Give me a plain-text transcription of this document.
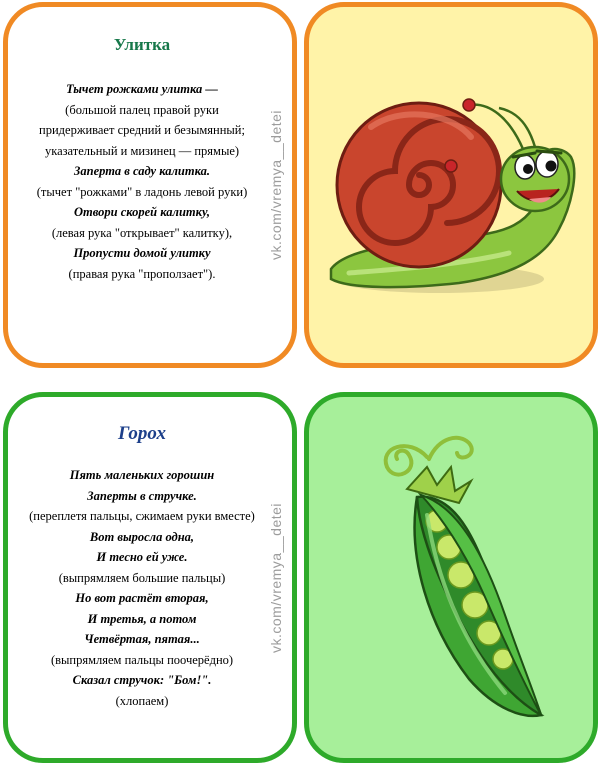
Улитка
Тычет рожками улитка —
(большой палец правой руки
придерживает средний и безымянный;
указательный и мизинец — прямые)
Заперта в саду калитка.
(тычет "рожками" в ладонь левой руки)
Отвори скорей калитку,
(левая рука "открывает" калитку),
Пропусти домой улитку
(правая рука "проползает").
vk.com/vremya__detei
Горох
Пять маленьких горошин
Заперты в стручке.
(переплетя пальцы, сжимаем руки вместе)
Вот выросла одна,
И тесно ей уже.
(выпрямляем большие пальцы)
Но вот растёт вторая,
И третья, а потом
Четвёртая, пятая...
(выпрямляем пальцы поочерёдно)
Сказал стручок: "Бом!".
(хлопаем)
vk.com/vremya__detei
